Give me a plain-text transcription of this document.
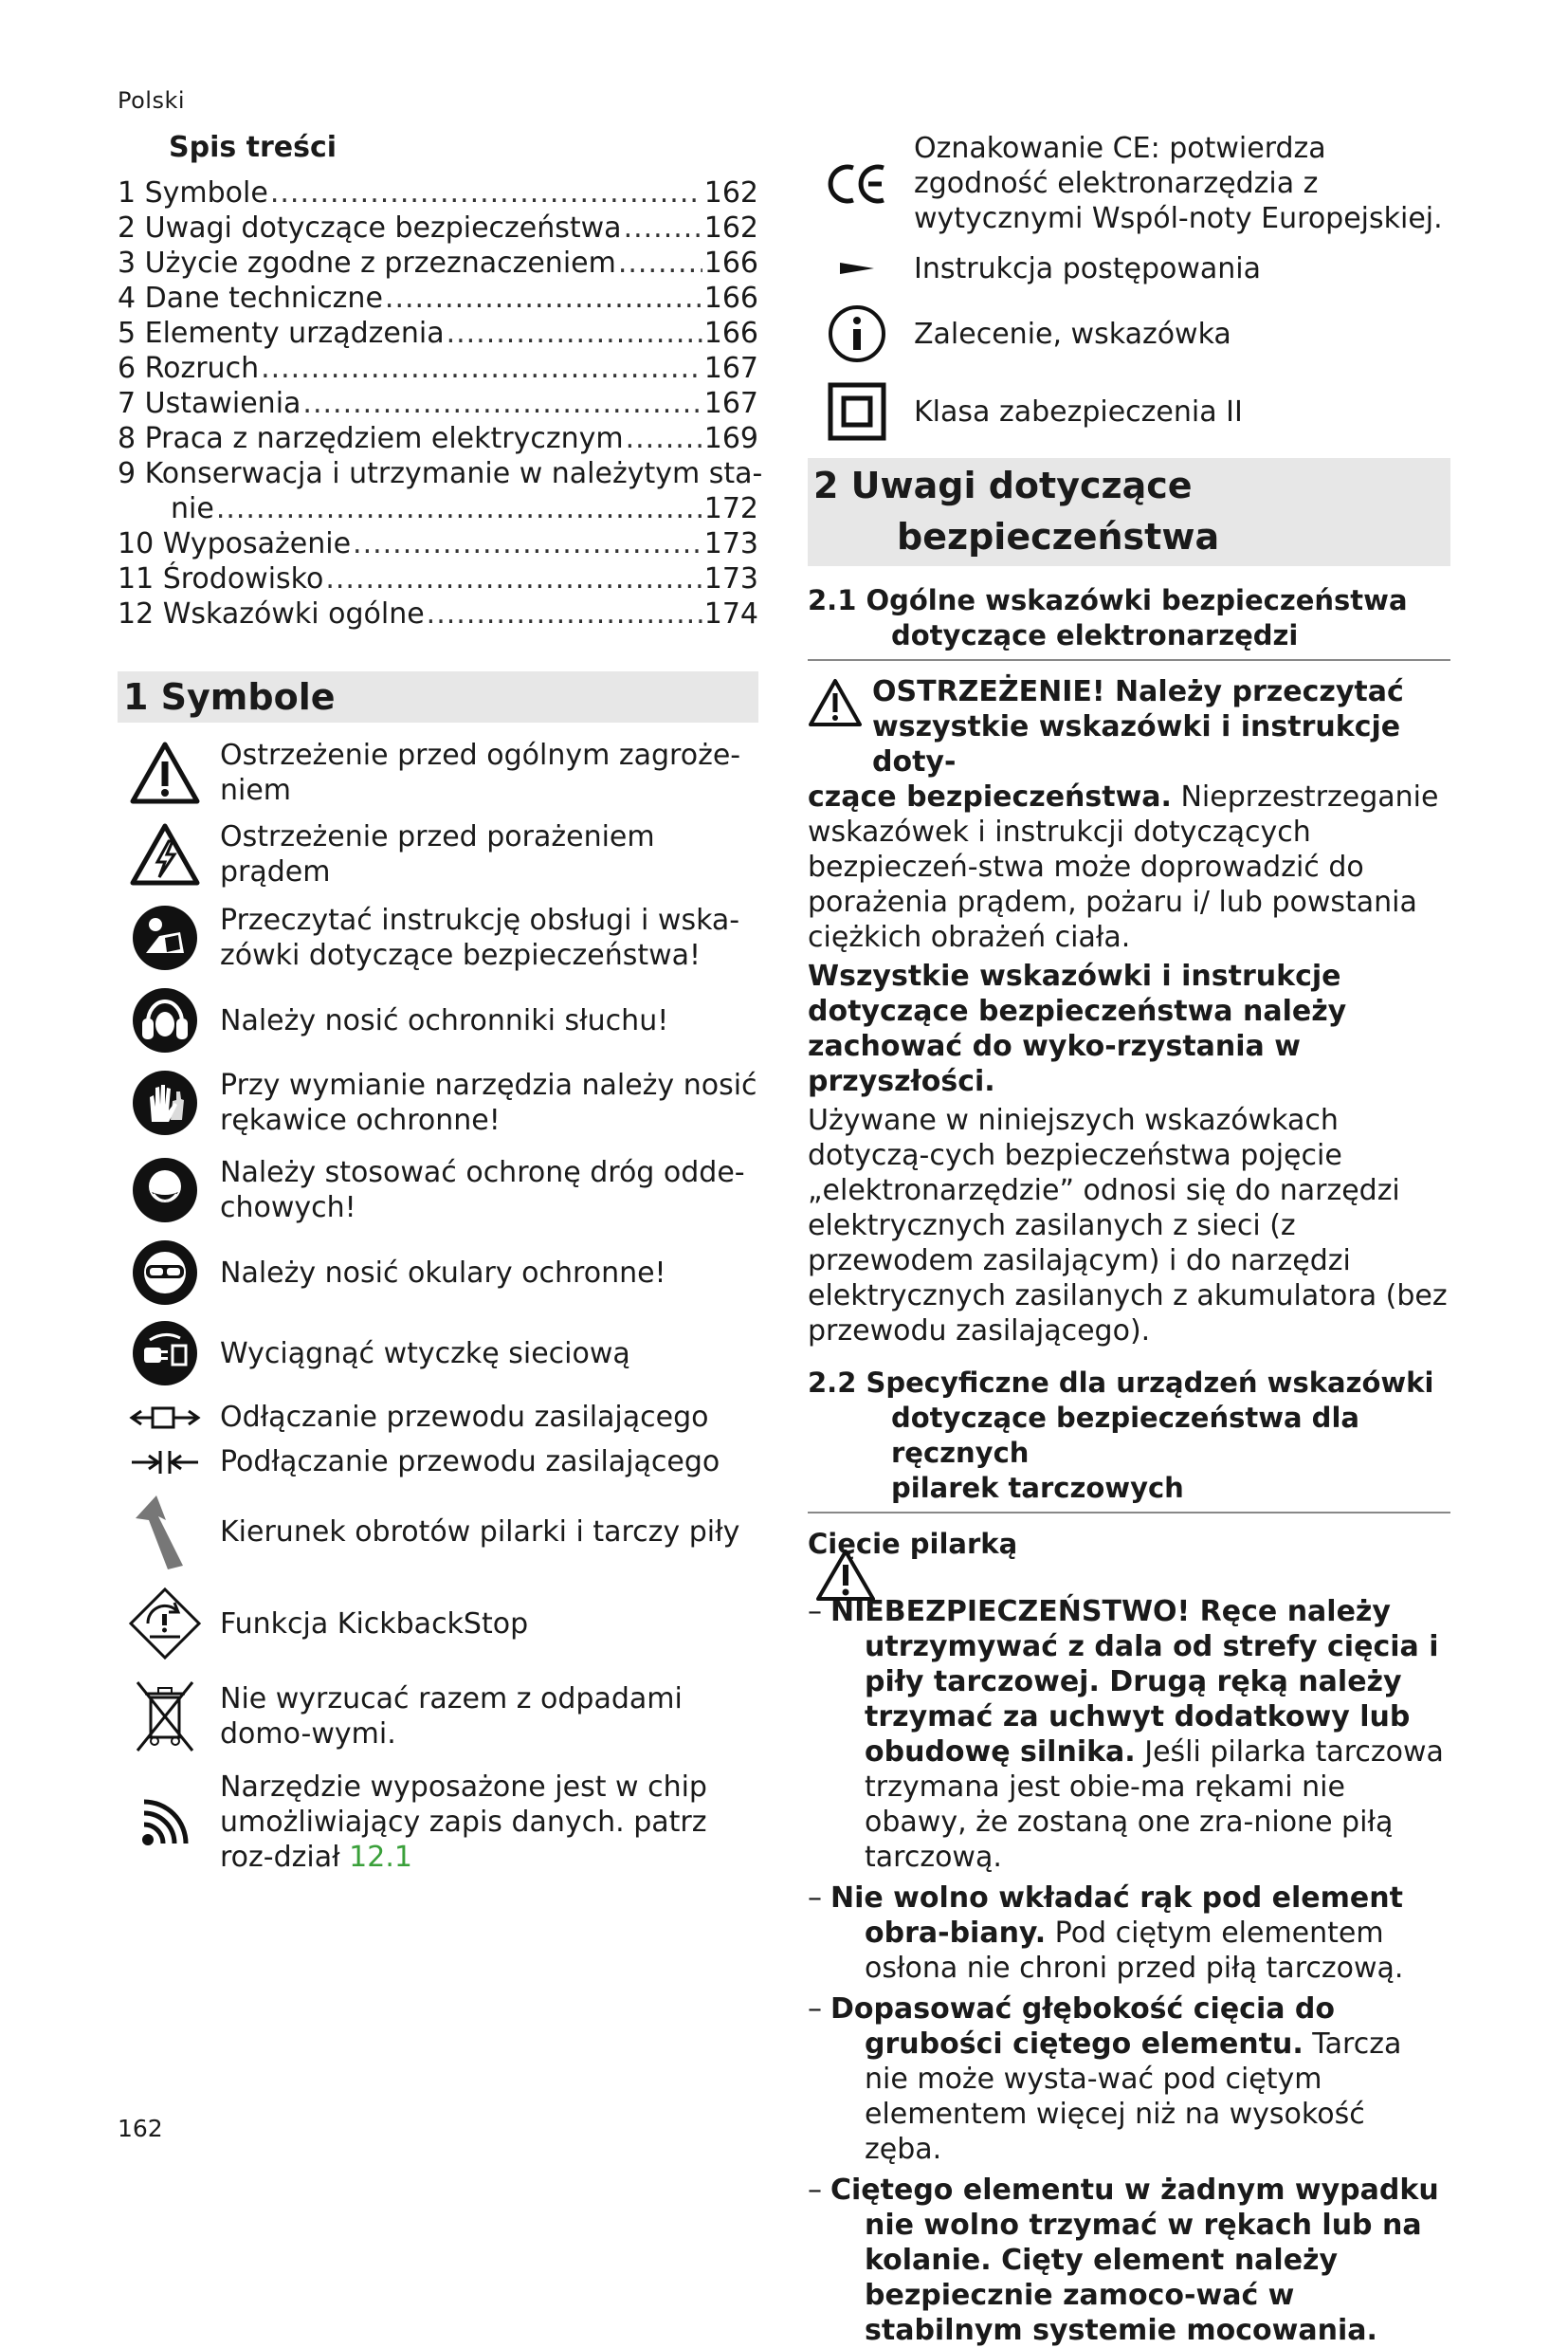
Polski
Spis treści
1 Symbole .....	162
2 Uwagi dotyczące bezpieczeństwa .....	162
3 Użycie zgodne z przeznaczeniem .....	166
4 Dane techniczne .....	166
5 Elementy urządzenia .....	166
6 Rozruch .....	167
7 Ustawienia .....	167
8 Praca z narzędziem elektrycznym .....	169
9 Konserwacja i utrzymanie w należytym sta-
nie .....	172
10 Wyposażenie .....	173
11 Środowisko .....	173
12 Wskazówki ogólne .....	174
1 Symbole
Ostrzeżenie przed ogólnym zagroże-niem
Ostrzeżenie przed porażeniem prądem
Przeczytać instrukcję obsługi i wska-zówki dotyczące bezpieczeństwa!
Należy nosić ochronniki słuchu!
Przy wymianie narzędzia należy nosić rękawice ochronne!
Należy stosować ochronę dróg odde-chowych!
Należy nosić okulary ochronne!
Wyciągnąć wtyczkę sieciową
Odłączanie przewodu zasilającego
Podłączanie przewodu zasilającego
Kierunek obrotów pilarki i tarczy piły
Funkcja KickbackStop
Nie wyrzucać razem z odpadami domo-wymi.
Narzędzie wyposażone jest w chip umożliwiający zapis danych. patrz roz-dział 12.1
Oznakowanie CE: potwierdza zgodność elektronarzędzia z wytycznymi Wspól-noty Europejskiej.
Instrukcja postępowania
Zalecenie, wskazówka
Klasa zabezpieczenia II
2 Uwagi dotyczące
bezpieczeństwa
2.1 Ogólne wskazówki bezpieczeństwa
dotyczące elektronarzędzi
OSTRZEŻENIE! Należy przeczytać wszystkie wskazówki i instrukcje doty-
czące bezpieczeństwa. Nieprzestrzeganie wskazówek i instrukcji dotyczących bezpieczeń-stwa może doprowadzić do porażenia prądem, pożaru i/ lub powstania ciężkich obrażeń ciała.
Wszystkie wskazówki i instrukcje dotyczące bezpieczeństwa należy zachować do wyko-rzystania w przyszłości.
Używane w niniejszych wskazówkach dotyczą-cych bezpieczeństwa pojęcie „elektronarzędzie” odnosi się do narzędzi elektrycznych zasilanych z sieci (z przewodem zasilającym) i do narzędzi elektrycznych zasilanych z akumulatora (bez przewodu zasilającego).
2.2 Specyficzne dla urządzeń wskazówki
dotyczące bezpieczeństwa dla ręcznych
pilarek tarczowych
Cięcie pilarką
– NIEBEZPIECZEŃSTWO! Ręce należy utrzymywać z dala od strefy cięcia i piły tarczowej. Drugą ręką należy trzymać za uchwyt dodatkowy lub obudowę silnika. Jeśli pilarka tarczowa trzymana jest obie-ma rękami nie obawy, że zostaną one zra-nione piłą tarczową.
– Nie wolno wkładać rąk pod element obra-biany. Pod ciętym elementem osłona nie chroni przed piłą tarczową.
– Dopasować głębokość cięcia do grubości ciętego elementu. Tarcza nie może wysta-wać pod ciętym elementem więcej niż na wysokość zęba.
– Ciętego elementu w żadnym wypadku nie wolno trzymać w rękach lub na kolanie. Cięty element należy bezpiecznie zamoco-wać w stabilnym systemie mocowania.
162
